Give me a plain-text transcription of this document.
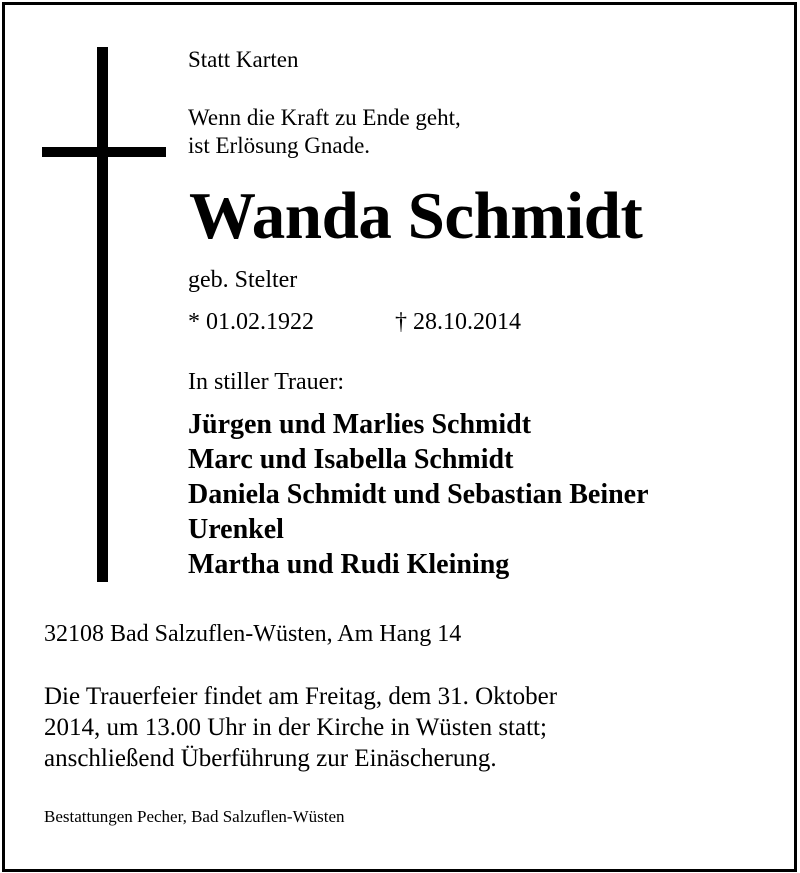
Statt Karten

Wenn die Kraft zu Ende geht,
ist Erlösung Gnade.

Wanda Schmidt

geb. Stelter

* 01.02.1922	† 28.10.2014

In stiller Trauer:

Jürgen und Marlies Schmidt
Marc und Isabella Schmidt
Daniela Schmidt und Sebastian Beiner
Urenkel
Martha und Rudi Kleining

32108 Bad Salzuflen-Wüsten, Am Hang 14

Die Trauerfeier findet am Freitag, dem 31. Oktober
2014, um 13.00 Uhr in der Kirche in Wüsten statt;
anschließend Überführung zur Einäscherung.

Bestattungen Pecher, Bad Salzuflen-Wüsten
